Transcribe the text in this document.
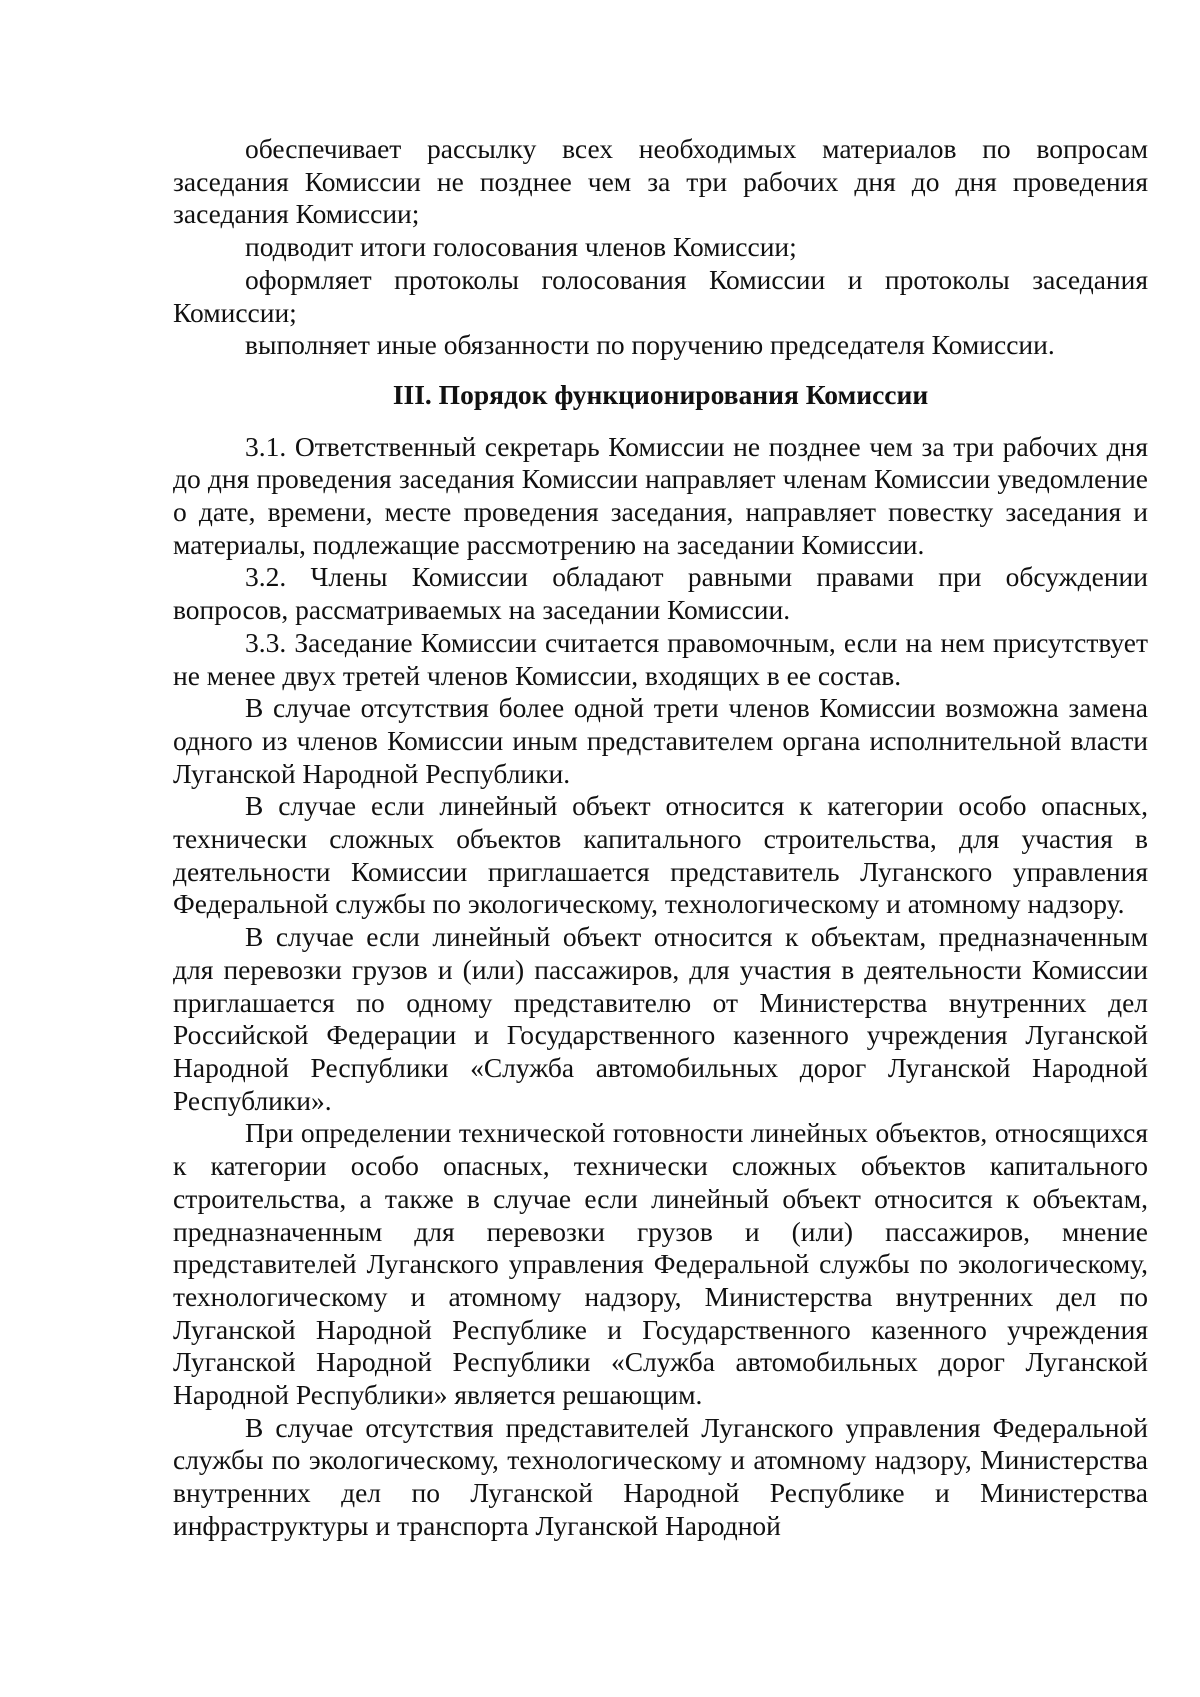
обеспечивает рассылку всех необходимых материалов по вопросам заседания Комиссии не позднее чем за три рабочих дня до дня проведения заседания Комиссии;

подводит итоги голосования членов Комиссии;

оформляет протоколы голосования Комиссии и протоколы заседания Комиссии;

выполняет иные обязанности по поручению председателя Комиссии.

III. Порядок функционирования Комиссии

3.1. Ответственный секретарь Комиссии не позднее чем за три рабочих дня до дня проведения заседания Комиссии направляет членам Комиссии уведомление о дате, времени, месте проведения заседания, направляет повестку заседания и материалы, подлежащие рассмотрению на заседании Комиссии.

3.2. Члены Комиссии обладают равными правами при обсуждении вопросов, рассматриваемых на заседании Комиссии.

3.3. Заседание Комиссии считается правомочным, если на нем присутствует не менее двух третей членов Комиссии, входящих в ее состав.

В случае отсутствия более одной трети членов Комиссии возможна замена одного из членов Комиссии иным представителем органа исполнительной власти Луганской Народной Республики.

В случае если линейный объект относится к категории особо опасных, технически сложных объектов капитального строительства, для участия в деятельности Комиссии приглашается представитель Луганского управления Федеральной службы по экологическому, технологическому и атомному надзору.

В случае если линейный объект относится к объектам, предназначенным для перевозки грузов и (или) пассажиров, для участия в деятельности Комиссии приглашается по одному представителю от Министерства внутренних дел Российской Федерации и Государственного казенного учреждения Луганской Народной Республики «Служба автомобильных дорог Луганской Народной Республики».

При определении технической готовности линейных объектов, относящихся к категории особо опасных, технически сложных объектов капитального строительства, а также в случае если линейный объект относится к объектам, предназначенным для перевозки грузов и (или) пассажиров, мнение представителей Луганского управления Федеральной службы по экологическому, технологическому и атомному надзору, Министерства внутренних дел по Луганской Народной Республике и Государственного казенного учреждения Луганской Народной Республики «Служба автомобильных дорог Луганской Народной Республики» является решающим.

В случае отсутствия представителей Луганского управления Федеральной службы по экологическому, технологическому и атомному надзору, Министерства внутренних дел по Луганской Народной Республике и Министерства инфраструктуры и транспорта Луганской Народной
